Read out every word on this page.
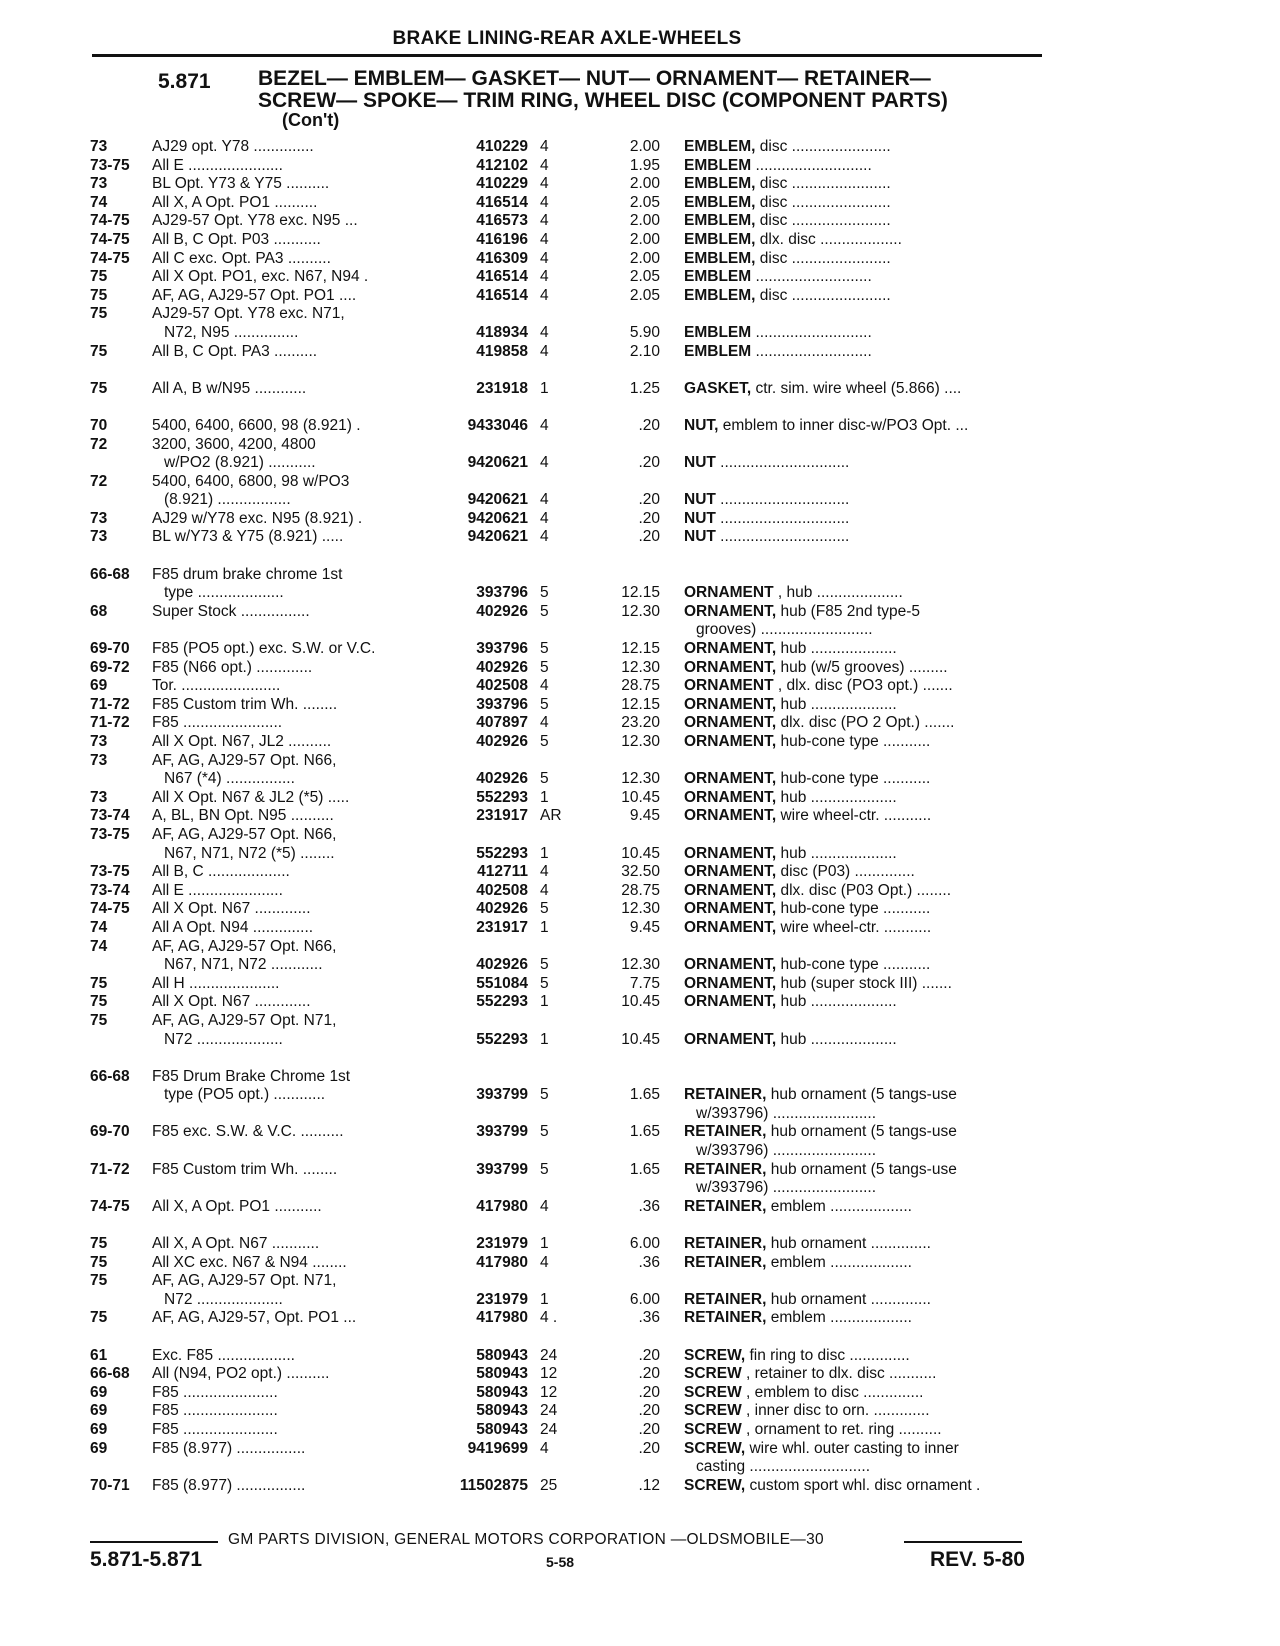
BRAKE LINING-REAR AXLE-WHEELS
5.871 BEZEL— EMBLEM— GASKET— NUT— ORNAMENT— RETAINER—
SCREW— SPOKE— TRIM RING, WHEEL DISC (COMPONENT PARTS)
(Con't)
73	AJ29 opt. Y78 ..............	410229 4	2.00 EMBLEM, disc .......................
73-75	All E ......................	412102 4	1.95 EMBLEM ...........................
73	BL Opt. Y73 & Y75 ..........	410229 4	2.00 EMBLEM, disc .......................
74	All X, A Opt. PO1 ..........	416514 4	2.05 EMBLEM, disc .......................
74-75	AJ29-57 Opt. Y78 exc. N95 ...	416573 4	2.00 EMBLEM, disc .......................
74-75	All B, C Opt. P03 ...........	416196 4	2.00 EMBLEM, dlx. disc ...................
74-75	All C exc. Opt. PA3 ..........	416309 4	2.00 EMBLEM, disc .......................
75	All X Opt. PO1, exc. N67, N94 .	416514 4	2.05 EMBLEM ...........................
75	AF, AG, AJ29-57 Opt. PO1 ....	416514 4	2.05 EMBLEM, disc .......................
75	AJ29-57 Opt. Y78 exc. N71,
N72, N95 ...............	418934 4	5.90 EMBLEM ...........................
75	All B, C Opt. PA3 ..........	419858 4	2.10 EMBLEM ...........................
75	All A, B w/N95 ............	231918 1	1.25 GASKET, ctr. sim. wire wheel (5.866) ....
70	5400, 6400, 6600, 98 (8.921) .	9433046 4	.20 NUT, emblem to inner disc-w/PO3 Opt. ...
72	3200, 3600, 4200, 4800
w/PO2 (8.921) ...........	9420621 4	.20 NUT ..............................
72	5400, 6400, 6800, 98 w/PO3
(8.921) .................	9420621 4	.20 NUT ..............................
73	AJ29 w/Y78 exc. N95 (8.921) .	9420621 4	.20 NUT ..............................
73	BL w/Y73 & Y75 (8.921) .....	9420621 4	.20 NUT ..............................
66-68	F85 drum brake chrome 1st
type ....................	393796 5	12.15 ORNAMENT , hub ....................
68	Super Stock ................	402926 5	12.30 ORNAMENT, hub (F85 2nd type-5
grooves) ..........................
69-70	F85 (PO5 opt.) exc. S.W. or V.C.	393796 5	12.15 ORNAMENT, hub ....................
69-72	F85 (N66 opt.) .............	402926 5	12.30 ORNAMENT, hub (w/5 grooves) .........
69	Tor. .......................	402508 4	28.75 ORNAMENT , dlx. disc (PO3 opt.) .......
71-72	F85 Custom trim Wh. ........	393796 5	12.15 ORNAMENT, hub ....................
71-72	F85 .......................	407897 4	23.20 ORNAMENT, dlx. disc (PO 2 Opt.) .......
73	All X Opt. N67, JL2 ..........	402926 5	12.30 ORNAMENT, hub-cone type ...........
73	AF, AG, AJ29-57 Opt. N66,
N67 (*4) ................	402926 5	12.30 ORNAMENT, hub-cone type ...........
73	All X Opt. N67 & JL2 (*5) .....	552293 1	10.45 ORNAMENT, hub ....................
73-74	A, BL, BN Opt. N95 ..........	231917 AR	9.45 ORNAMENT, wire wheel-ctr. ...........
73-75	AF, AG, AJ29-57 Opt. N66,
N67, N71, N72 (*5) ........	552293 1	10.45 ORNAMENT, hub ....................
73-75	All B, C ...................	412711 4	32.50 ORNAMENT, disc (P03) ..............
73-74	All E ......................	402508 4	28.75 ORNAMENT, dlx. disc (P03 Opt.) ........
74-75	All X Opt. N67 .............	402926 5	12.30 ORNAMENT, hub-cone type ...........
74	All A Opt. N94 ..............	231917 1	9.45 ORNAMENT, wire wheel-ctr. ...........
74	AF, AG, AJ29-57 Opt. N66,
N67, N71, N72 ............	402926 5	12.30 ORNAMENT, hub-cone type ...........
75	All H .....................	551084 5	7.75 ORNAMENT, hub (super stock III) .......
75	All X Opt. N67 .............	552293 1	10.45 ORNAMENT, hub ....................
75	AF, AG, AJ29-57 Opt. N71,
N72 ....................	552293 1	10.45 ORNAMENT, hub ....................
66-68	F85 Drum Brake Chrome 1st
type (PO5 opt.) ............	393799 5	1.65 RETAINER, hub ornament (5 tangs-use
w/393796) ........................
69-70	F85 exc. S.W. & V.C. ..........	393799 5	1.65 RETAINER, hub ornament (5 tangs-use
w/393796) ........................
71-72	F85 Custom trim Wh. ........	393799 5	1.65 RETAINER, hub ornament (5 tangs-use
w/393796) ........................
74-75	All X, A Opt. PO1 ...........	417980 4	.36 RETAINER, emblem ...................
75	All X, A Opt. N67 ...........	231979 1	6.00 RETAINER, hub ornament ..............
75	All XC exc. N67 & N94 ........	417980 4	.36 RETAINER, emblem ...................
75	AF, AG, AJ29-57 Opt. N71,
N72 ....................	231979 1	6.00 RETAINER, hub ornament ..............
75	AF, AG, AJ29-57, Opt. PO1 ...	417980 4 .	.36 RETAINER, emblem ...................
61	Exc. F85 ..................	580943 24	.20 SCREW, fin ring to disc ..............
66-68	All (N94, PO2 opt.) ..........	580943 12	.20 SCREW , retainer to dlx. disc ...........
69	F85 ......................	580943 12	.20 SCREW , emblem to disc ..............
69	F85 ......................	580943 24	.20 SCREW , inner disc to orn. .............
69	F85 ......................	580943 24	.20 SCREW , ornament to ret. ring ..........
69	F85 (8.977) ................	9419699 4	.20 SCREW, wire whl. outer casting to inner
casting ............................
70-71	F85 (8.977) ................	11502875 25	.12 SCREW, custom sport whl. disc ornament .
GM PARTS DIVISION, GENERAL MOTORS CORPORATION —OLDSMOBILE—30
5.871-5.871	5-58	REV. 5-80
